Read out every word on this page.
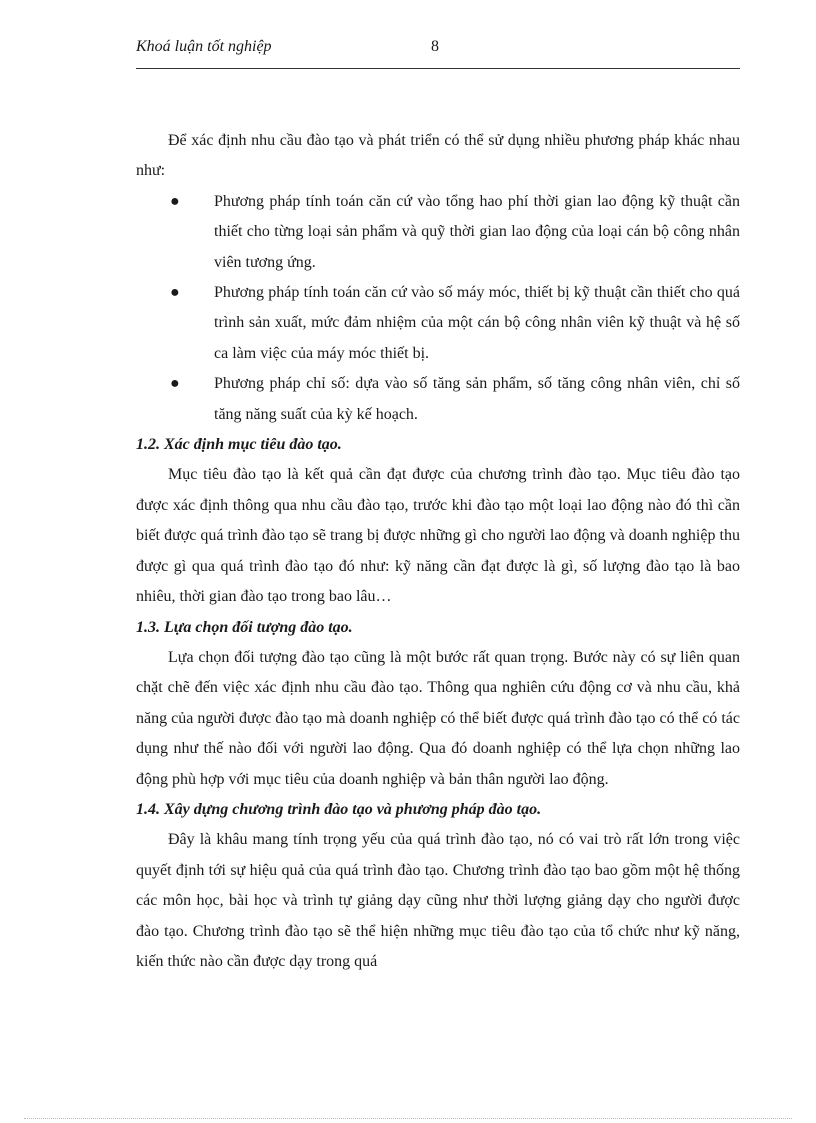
Khoá luận tốt nghiệp	8

Để xác định nhu cầu đào tạo và phát triển có thể sử dụng nhiều phương pháp khác nhau như:

● Phương pháp tính toán căn cứ vào tổng hao phí thời gian lao động kỹ thuật cần thiết cho từng loại sản phẩm và quỹ thời gian lao động của loại cán bộ công nhân viên tương ứng.
● Phương pháp tính toán căn cứ vào số máy móc, thiết bị kỹ thuật cần thiết cho quá trình sản xuất, mức đảm nhiệm của một cán bộ công nhân viên kỹ thuật và hệ số ca làm việc của máy móc thiết bị.
● Phương pháp chỉ số: dựa vào số tăng sản phẩm, số tăng công nhân viên, chỉ số tăng năng suất của kỳ kế hoạch.

1.2. Xác định mục tiêu đào tạo.

Mục tiêu đào tạo là kết quả cần đạt được của chương trình đào tạo. Mục tiêu đào tạo được xác định thông qua nhu cầu đào tạo, trước khi đào tạo một loại lao động nào đó thì cần biết được quá trình đào tạo sẽ trang bị được những gì cho người lao động và doanh nghiệp thu được gì qua quá trình đào tạo đó như: kỹ năng cần đạt được là gì, số lượng đào tạo là bao nhiêu, thời gian đào tạo trong bao lâu…

1.3. Lựa chọn đối tượng đào tạo.

Lựa chọn đối tượng đào tạo cũng là một bước rất quan trọng. Bước này có sự liên quan chặt chẽ đến việc xác định nhu cầu đào tạo. Thông qua nghiên cứu động cơ và nhu cầu, khả năng của người được đào tạo mà doanh nghiệp có thể biết được quá trình đào tạo có thể có tác dụng như thế nào đối với người lao động. Qua đó doanh nghiệp có thể lựa chọn những lao động phù hợp với mục tiêu của doanh nghiệp và bản thân người lao động.

1.4. Xây dựng chương trình đào tạo và phương pháp đào tạo.

Đây là khâu mang tính trọng yếu của quá trình đào tạo, nó có vai trò rất lớn trong việc quyết định tới sự hiệu quả của quá trình đào tạo. Chương trình đào tạo bao gồm một hệ thống các môn học, bài học và trình tự giảng dạy cũng như thời lượng giảng dạy cho người được đào tạo. Chương trình đào tạo sẽ thể hiện những mục tiêu đào tạo của tổ chức như kỹ năng, kiến thức nào cần được dạy trong quá
